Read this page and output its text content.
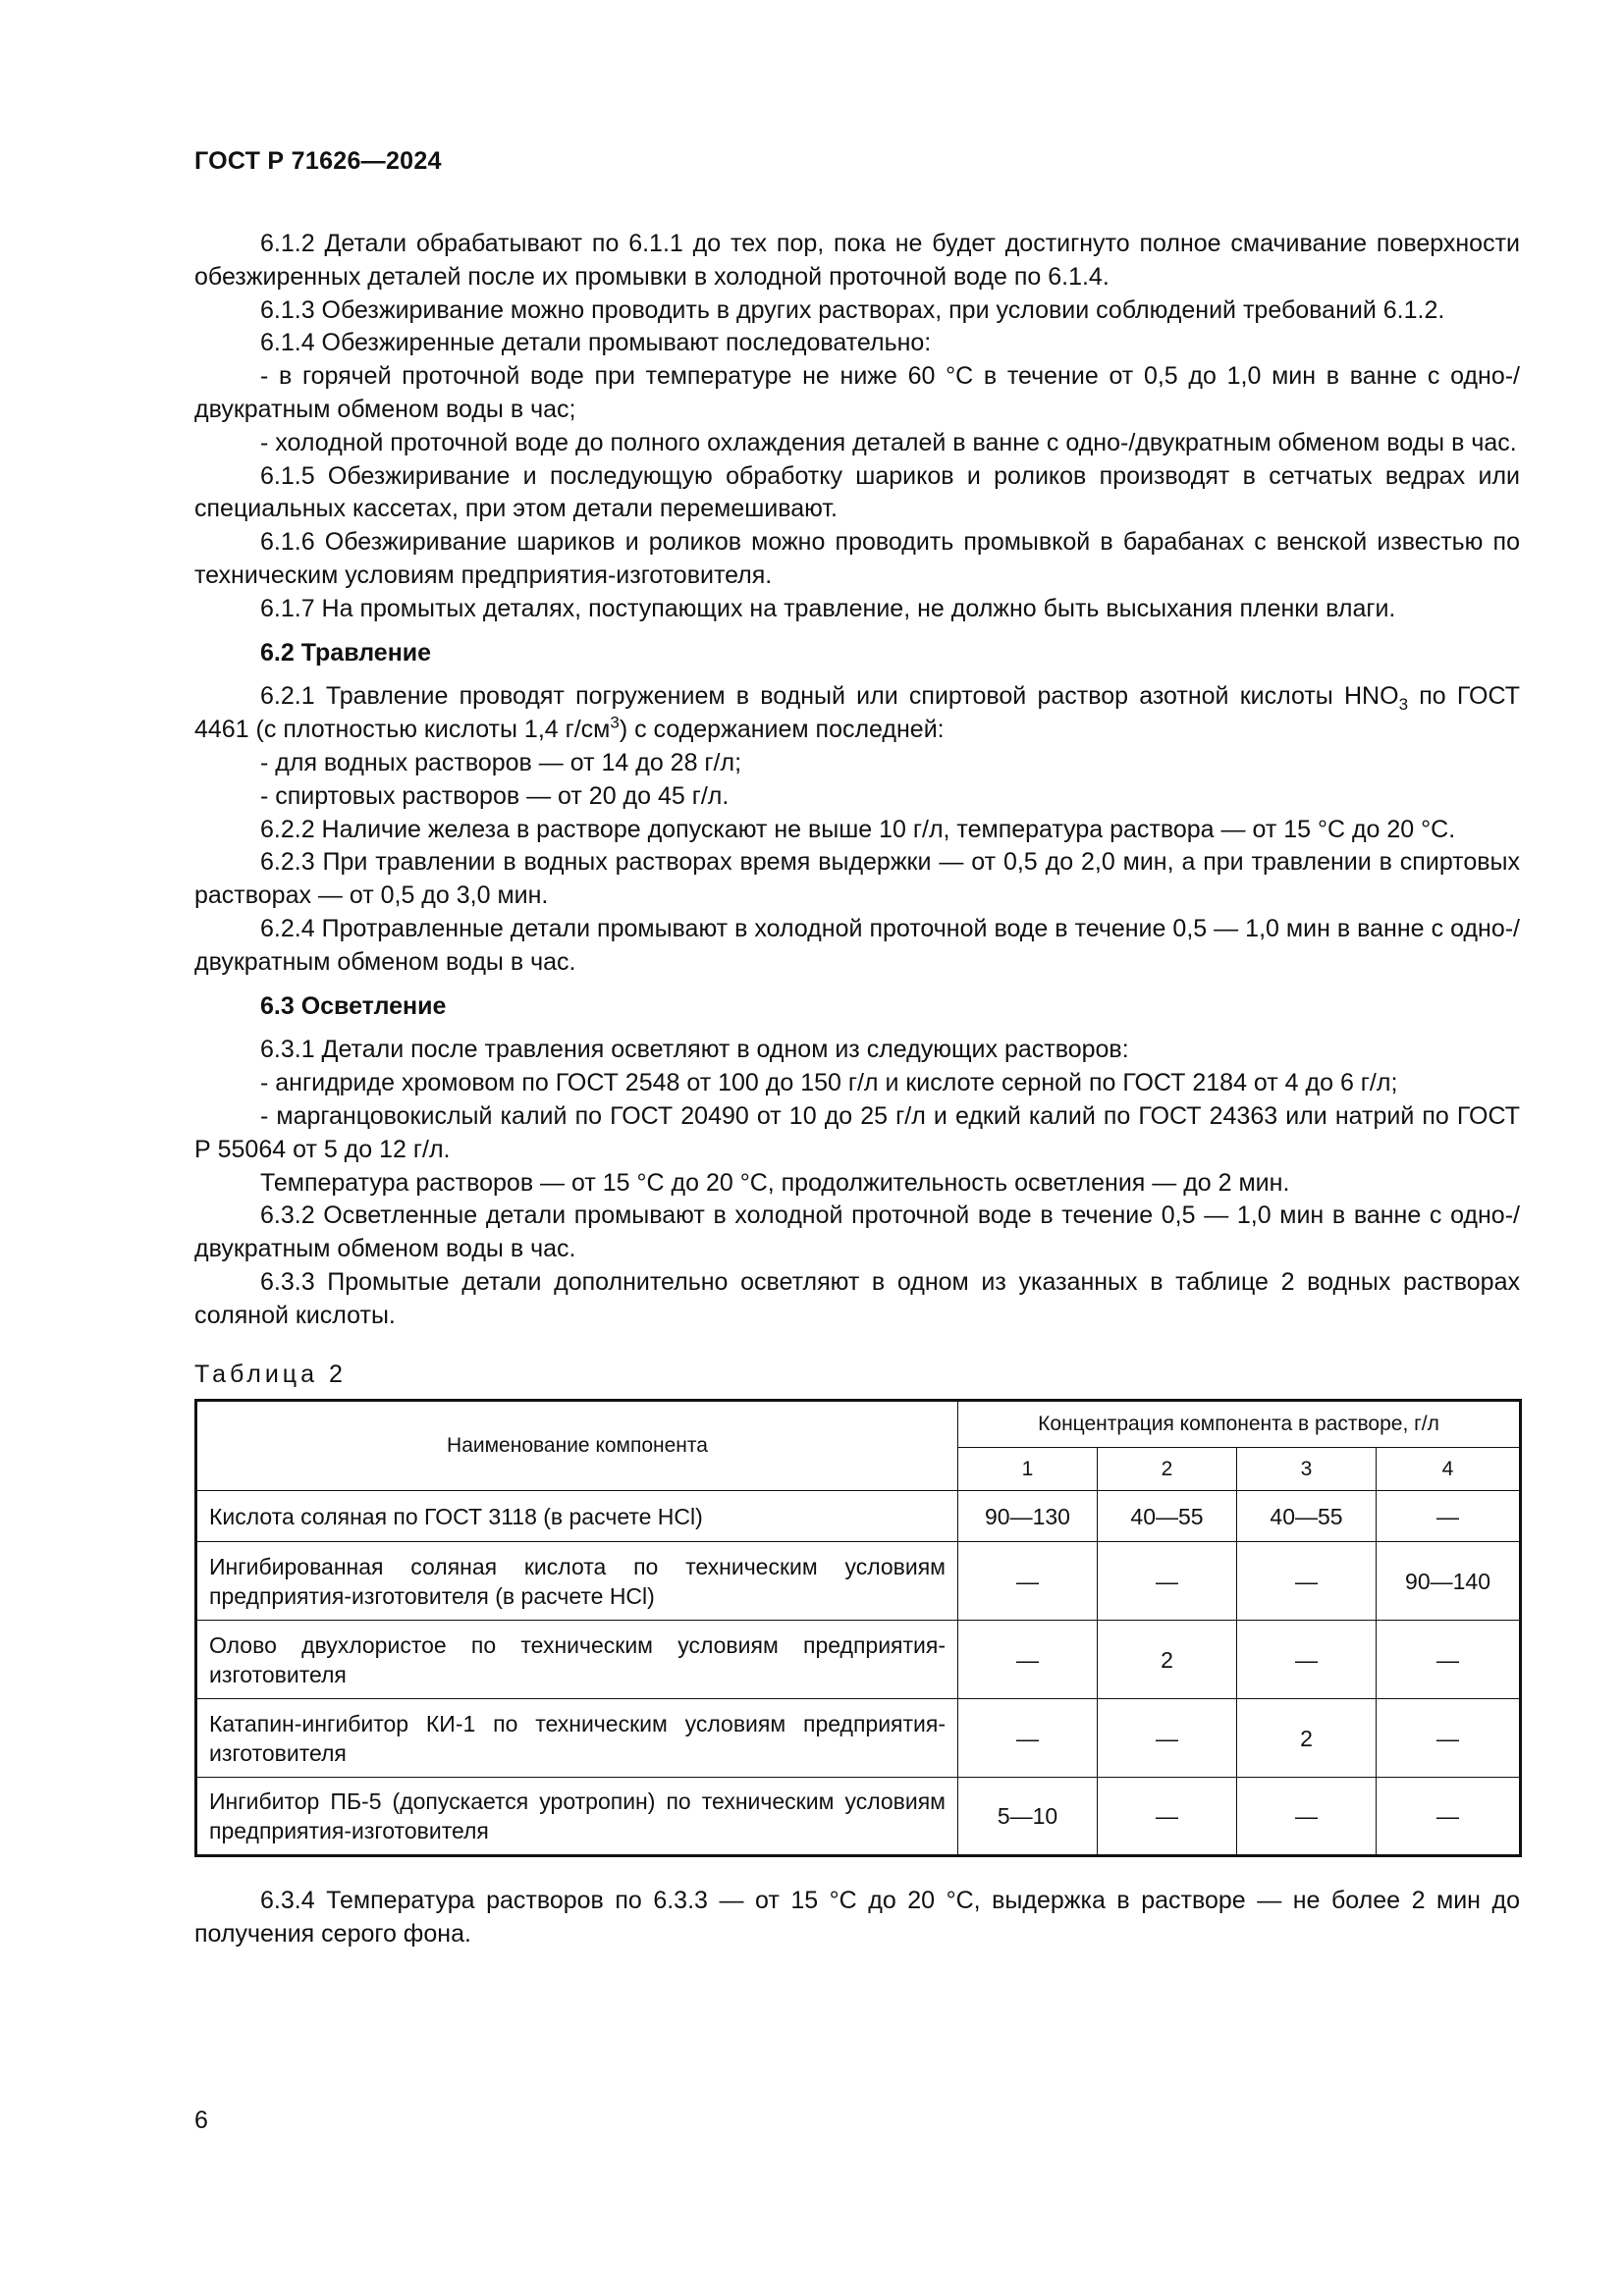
ГОСТ Р 71626—2024

6.1.2 Детали обрабатывают по 6.1.1 до тех пор, пока не будет достигнуто полное смачивание поверхности обезжиренных деталей после их промывки в холодной проточной воде по 6.1.4.

6.1.3 Обезжиривание можно проводить в других растворах, при условии соблюдений требований 6.1.2.

6.1.4 Обезжиренные детали промывают последовательно:

- в горячей проточной воде при температуре не ниже 60 °С в течение от 0,5 до 1,0 мин в ванне с одно-/двукратным обменом воды в час;

- холодной проточной воде до полного охлаждения деталей в ванне с одно-/двукратным обменом воды в час.

6.1.5 Обезжиривание и последующую обработку шариков и роликов производят в сетчатых ведрах или специальных кассетах, при этом детали перемешивают.

6.1.6 Обезжиривание шариков и роликов можно проводить промывкой в барабанах с венской известью по техническим условиям предприятия-изготовителя.

6.1.7 На промытых деталях, поступающих на травление, не должно быть высыхания пленки влаги.

6.2 Травление

6.2.1 Травление проводят погружением в водный или спиртовой раствор азотной кислоты $HNO_3$ по ГОСТ 4461 (с плотностью кислоты 1,4 $г/см^3$) с содержанием последней:

- для водных растворов — от 14 до 28 г/л;

- спиртовых растворов — от 20 до 45 г/л.

6.2.2 Наличие железа в растворе допускают не выше 10 г/л, температура раствора — от 15 °С до 20 °С.

6.2.3 При травлении в водных растворах время выдержки — от 0,5 до 2,0 мин, а при травлении в спиртовых растворах — от 0,5 до 3,0 мин.

6.2.4 Протравленные детали промывают в холодной проточной воде в течение 0,5 — 1,0 мин в ванне с одно-/двукратным обменом воды в час.

6.3 Осветление

6.3.1 Детали после травления осветляют в одном из следующих растворов:

- ангидриде хромовом по ГОСТ 2548 от 100 до 150 г/л и кислоте серной по ГОСТ 2184 от 4 до 6 г/л;

- марганцовокислый калий по ГОСТ 20490 от 10 до 25 г/л и едкий калий по ГОСТ 24363 или натрий по ГОСТ Р 55064 от 5 до 12 г/л.

Температура растворов — от 15 °С до 20 °С, продолжительность осветления — до 2 мин.

6.3.2 Осветленные детали промывают в холодной проточной воде в течение 0,5 — 1,0 мин в ванне с одно-/двукратным обменом воды в час.

6.3.3 Промытые детали дополнительно осветляют в одном из указанных в таблице 2 водных растворах соляной кислоты.

Таблица 2

Наименование компонента	Концентрация компонента в растворе, г/л			
	1	2	3	4
Кислота соляная по ГОСТ 3118 (в расчете HCl)	90—130	40—55	40—55	—
Ингибированная соляная кислота по техническим условиям предприятия-изготовителя (в расчете HCl)	—	—	—	90—140
Олово двухлористое по техническим условиям предприятия-изготовителя	—	2	—	—
Катапин-ингибитор КИ-1 по техническим условиям предприятия-изготовителя	—	—	2	—
Ингибитор ПБ-5 (допускается уротропин) по техническим условиям предприятия-изготовителя	5—10	—	—	—

6.3.4 Температура растворов по 6.3.3 — от 15 °С до 20 °С, выдержка в растворе — не более 2 мин до получения серого фона.

6
